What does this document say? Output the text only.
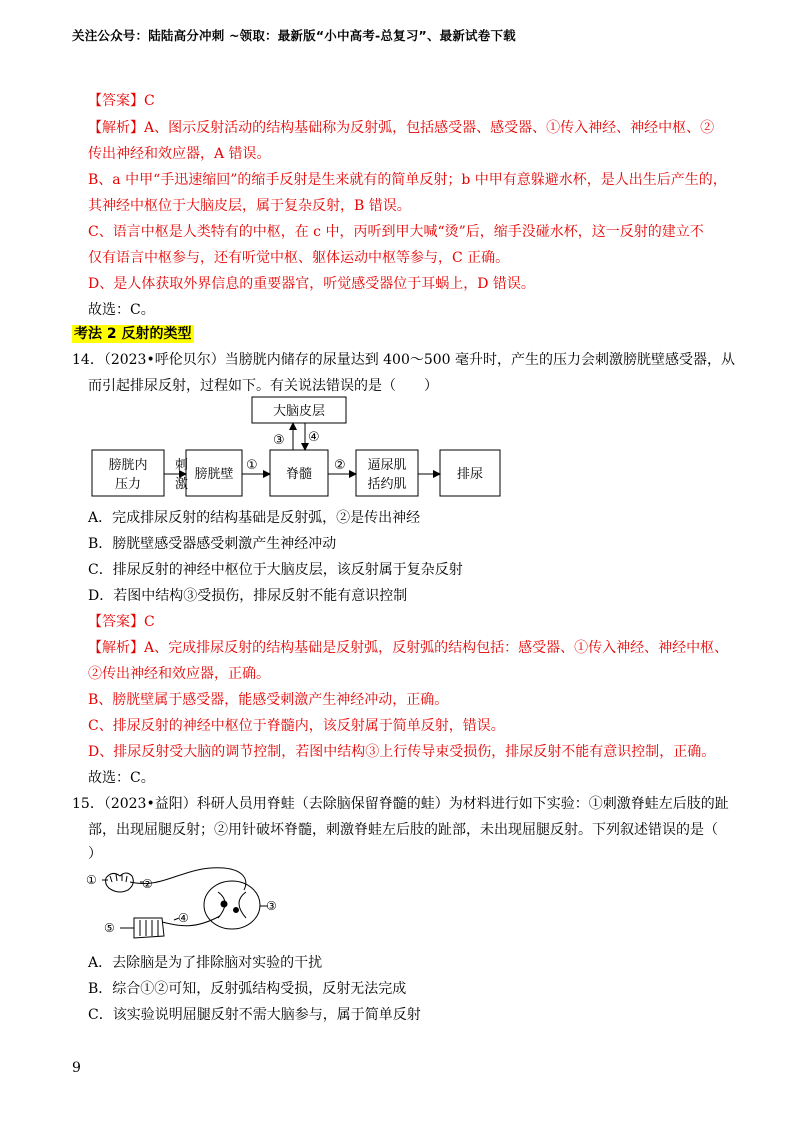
关注公众号：陆陆高分冲刺 ~领取：最新版“小中高考-总复习”、最新试卷下载
【答案】C
【解析】A、图示反射活动的结构基础称为反射弧，包括感受器、感受器、①传入神经、神经中枢、②
传出神经和效应器，A 错误。
B、a 中甲“手迅速缩回”的缩手反射是生来就有的简单反射；b 中甲有意躲避水杯，是人出生后产生的，
其神经中枢位于大脑皮层，属于复杂反射，B 错误。
C、语言中枢是人类特有的中枢，在 c 中，丙听到甲大喊“烫”后，缩手没碰水杯，这一反射的建立不
仅有语言中枢参与，还有听觉中枢、躯体运动中枢等参与，C 正确。
D、是人体获取外界信息的重要器官，听觉感受器位于耳蜗上，D 错误。
故选：C。
考法 2 反射的类型
14．（2023•呼伦贝尔）当膀胱内储存的尿量达到 400～500 毫升时，产生的压力会刺激膀胱壁感受器，从
而引起排尿反射，过程如下。有关说法错误的是（　　）
大脑皮层
膀胱内
压力
刺
激
膀胱壁
①
脊髓
③ ④
② 逼尿肌
括约肌
排尿
A．完成排尿反射的结构基础是反射弧，②是传出神经
B．膀胱壁感受器感受刺激产生神经冲动
C．排尿反射的神经中枢位于大脑皮层，该反射属于复杂反射
D．若图中结构③受损伤，排尿反射不能有意识控制
【答案】C
【解析】A、完成排尿反射的结构基础是反射弧，反射弧的结构包括：感受器、①传入神经、神经中枢、
②传出神经和效应器，正确。
B、膀胱壁属于感受器，能感受刺激产生神经冲动，正确。
C、排尿反射的神经中枢位于脊髓内，该反射属于简单反射，错误。
D、排尿反射受大脑的调节控制，若图中结构③上行传导束受损伤，排尿反射不能有意识控制，正确。
故选：C。
15．（2023•益阳）科研人员用脊蛙（去除脑保留脊髓的蛙）为材料进行如下实验：①刺激脊蛙左后肢的趾
部，出现屈腿反射；②用针破坏脊髓，刺激脊蛙左后肢的趾部，未出现屈腿反射。下列叙述错误的是（
）
①	②
③
④
⑤
A．去除脑是为了排除脑对实验的干扰
B．综合①②可知，反射弧结构受损，反射无法完成
C．该实验说明屈腿反射不需大脑参与，属于简单反射
9
